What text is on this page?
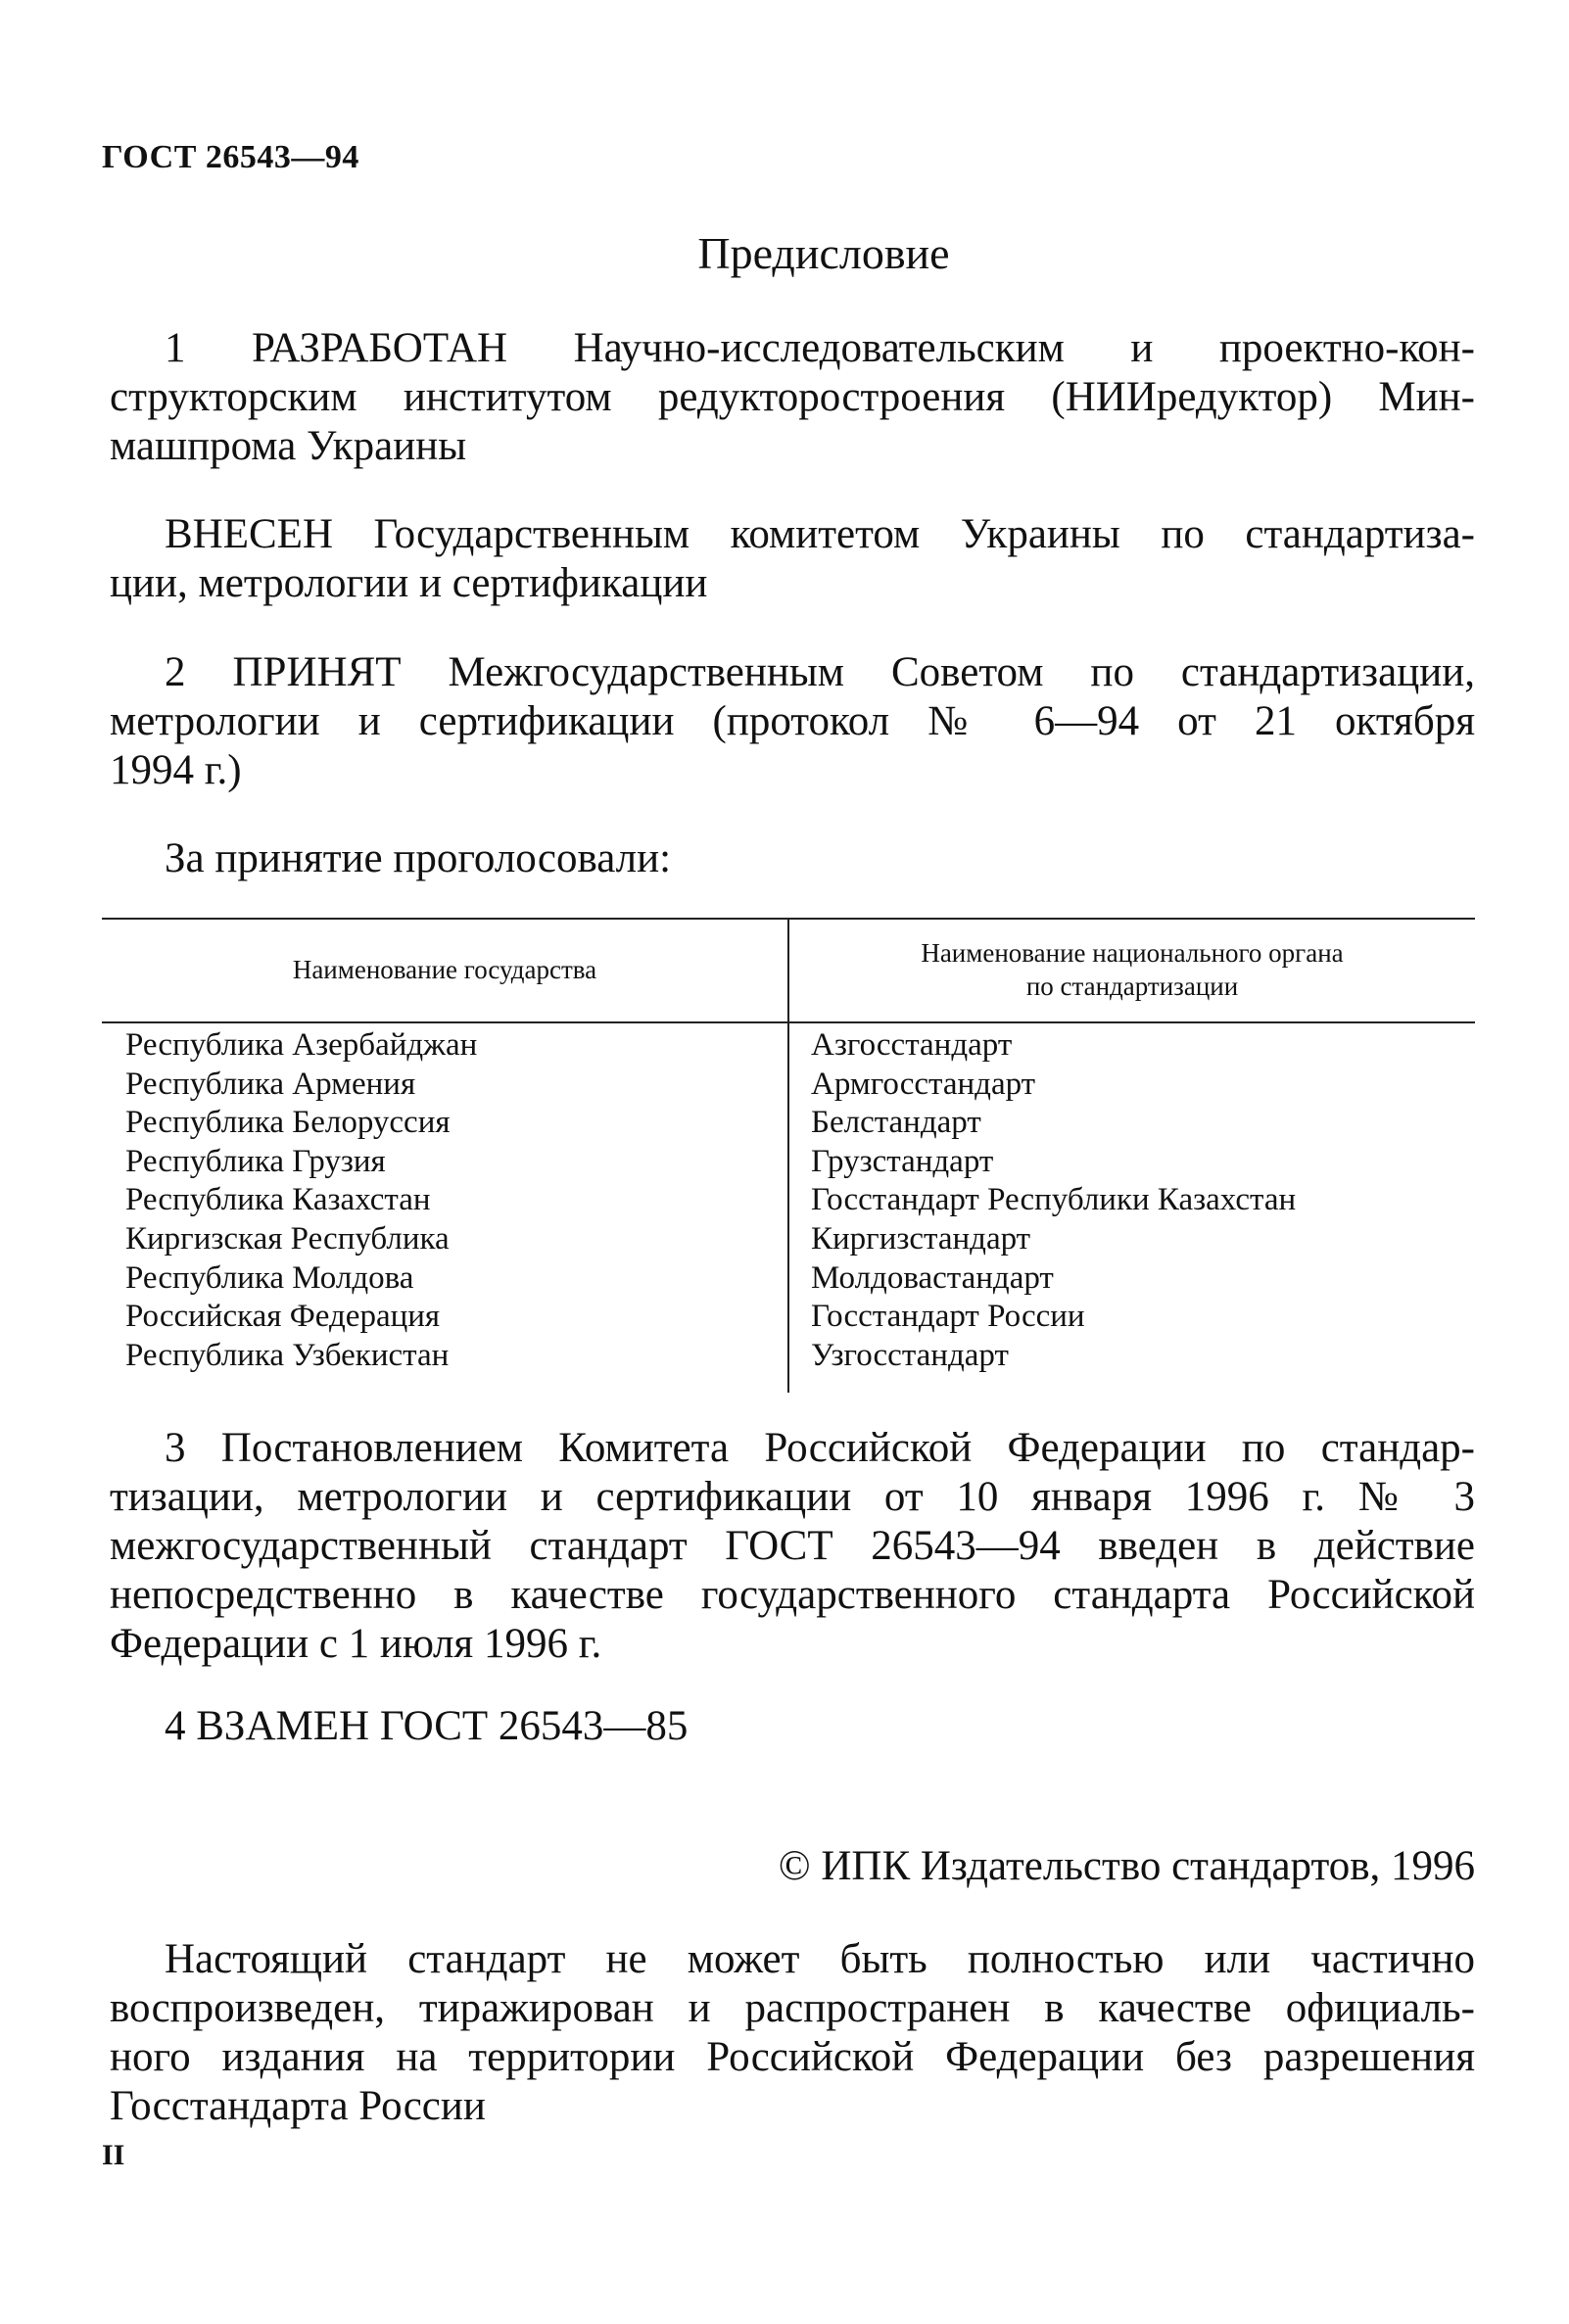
ГОСТ 26543—94
Предисловие
1 РАЗРАБОТАН Научно-исследовательским и проектно-кон-
структорским институтом редукторостроения (НИИредуктор) Мин-
машпрома Украины
ВНЕСЕН Государственным комитетом Украины по стандартиза-
ции, метрологии и сертификации
2 ПРИНЯТ Межгосударственным Советом по стандартизации,
метрологии и сертификации (протокол № 6—94 от 21 октября
1994 г.)
За принятие проголосовали:
Наименование государства
Наименование национального органа
по стандартизации
Республика Азербайджан
Республика Армения
Республика Белоруссия
Республика Грузия
Республика Казахстан
Киргизская Республика
Республика Молдова
Российская Федерация
Республика Узбекистан
Азгосстандарт
Армгосстандарт
Белстандарт
Грузстандарт
Госстандарт Республики Казахстан
Киргизстандарт
Молдовастандарт
Госстандарт России
Узгосстандарт
3 Постановлением Комитета Российской Федерации по стандар-
тизации, метрологии и сертификации от 10 января 1996 г. № 3
межгосударственный стандарт ГОСТ 26543—94 введен в действие
непосредственно в качестве государственного стандарта Российской
Федерации с 1 июля 1996 г.
4 ВЗАМЕН ГОСТ 26543—85
© ИПК Издательство стандартов, 1996
Настоящий стандарт не может быть полностью или частично
воспроизведен, тиражирован и распространен в качестве официаль-
ного издания на территории Российской Федерации без разрешения
Госстандарта России
II
